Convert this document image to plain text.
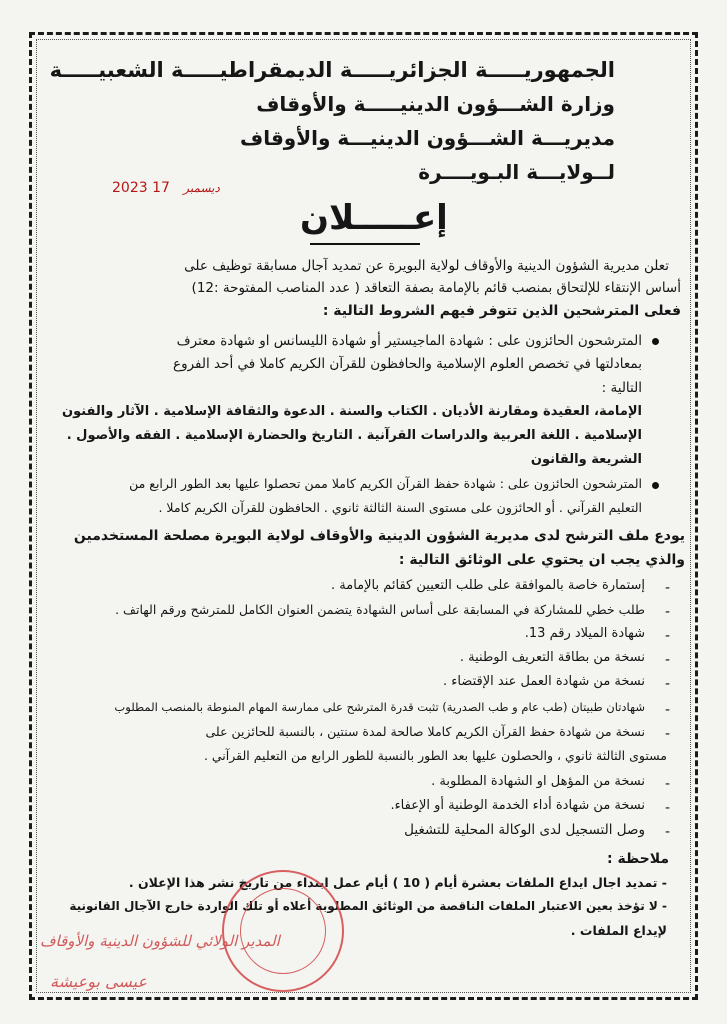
الجمهوريـــــة الجزائريـــــة الديمقراطيـــــة الشعبيـــــة
وزارة الشـــؤون الدينيـــــة والأوقاف
مديريـــة الشـــؤون الدينيـــة والأوقاف
لــولايـــة البـويــــرة
2023	ديسمبر   17
إعـــــلان
تعلن مديرية الشؤون الدينية والأوقاف لولاية البويرة عن تمديد آجال مسابقة توظيف على
أساس الإنتقاء للإلتحاق بمنصب قائم بالإمامة بصفة التعاقد ( عدد المناصب المفتوحة :12)
فعلى المترشحين الذين تتوفر فيهم الشروط التالية :
المترشحون الحائزون على : شهادة الماجيستير أو شهادة الليسانس او شهادة معترف
بمعادلتها في تخصص العلوم الإسلامية والحافظون للقرآن الكريم كاملا في أحد الفروع
التالية :
الإمامة، العقيدة ومقارنة الأديان . الكتاب والسنة . الدعوة والثقافة الإسلامية . الآثار والفنون
الإسلامية . اللغة العربية والدراسات القرآنية . التاريخ والحضارة الإسلامية . الفقه والأصول .
الشريعة والقانون
المترشحون الحائزون على : شهادة حفظ القرآن الكريم كاملا ممن تحصلوا عليها بعد الطور الرابع من
التعليم القرآني . أو الحائزون على مستوى السنة الثالثة ثانوي . الحافظون للقرآن الكريم كاملا .
يودع ملف الترشح لدى مديرية الشؤون الدينية والأوقاف لولاية البويرة مصلحة المستخدمين
والذي يجب ان يحتوي على الوثائق التالية :
-
إستمارة خاصة بالموافقة على طلب التعيين كقائم بالإمامة .
-
طلب خطي للمشاركة في المسابقة على أساس الشهادة يتضمن العنوان الكامل للمترشح ورقم الهاتف .
-
شهادة الميلاد رقم 13.
-
نسخة من بطاقة التعريف الوطنية .
-
نسخة من شهادة العمل عند الإقتضاء .
-
شهادتان طبيتان (طب عام و طب الصدرية) تثبت قدرة المترشح على ممارسة المهام المنوطة بالمنصب المطلوب
-
نسخة من شهادة حفظ القرآن الكريم كاملا صالحة لمدة سنتين ، بالنسبة للحائزين على
مستوى الثالثة ثانوي ، والحصلون عليها بعد الطور بالنسبة للطور الرابع من التعليم القرآني .
-
نسخة من المؤهل او الشهادة المطلوبة .
-
نسخة من شهادة أداء الخدمة الوطنية أو الإعفاء.
-
وصل التسجيل لدى الوكالة المحلية للتشغيل
ملاحظة :
- تمديد اجال ايداع الملفات بعشرة أيام ( 10 ) أيام عمل ابتداء من تاريخ نشر هذا الإعلان .
- لا تؤخذ بعين الاعتبار الملفات الناقصة من الوثائق المطلوبة أعلاه أو تلك الواردة خارج الآجال القانونية
لإيداع الملفات .
المدير الولائي للشؤون الدينية والأوقاف
عيسى بوعيشة
